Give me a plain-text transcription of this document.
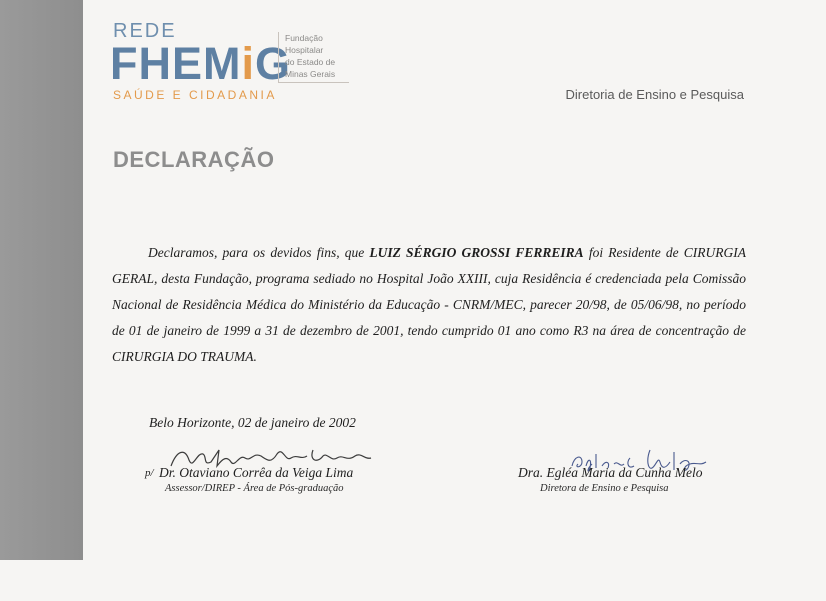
REDE
FHEMiG
SAÚDE E CIDADANIA
Fundação
Hospitalar
do Estado de
Minas Gerais
Diretoria de Ensino e Pesquisa
DECLARAÇÃO
Declaramos, para os devidos fins, que LUIZ SÉRGIO GROSSI FERREIRA foi Residente de CIRURGIA GERAL, desta Fundação, programa sediado no Hospital João XXIII, cuja Residência é credenciada pela Comissão Nacional de Residência Médica do Ministério da Educação - CNRM/MEC, parecer 20/98, de 05/06/98, no período de 01 de janeiro de 1999 a 31 de dezembro de 2001, tendo cumprido 01 ano como R3 na área de concentração de CIRURGIA DO TRAUMA.
Belo Horizonte, 02 de janeiro de 2002
p/ Dr. Otaviano Corrêa da Veiga Lima
Assessor/DIREP - Área de Pós-graduação
Dra. Egléa Maria da Cunha Melo
Diretora de Ensino e Pesquisa
